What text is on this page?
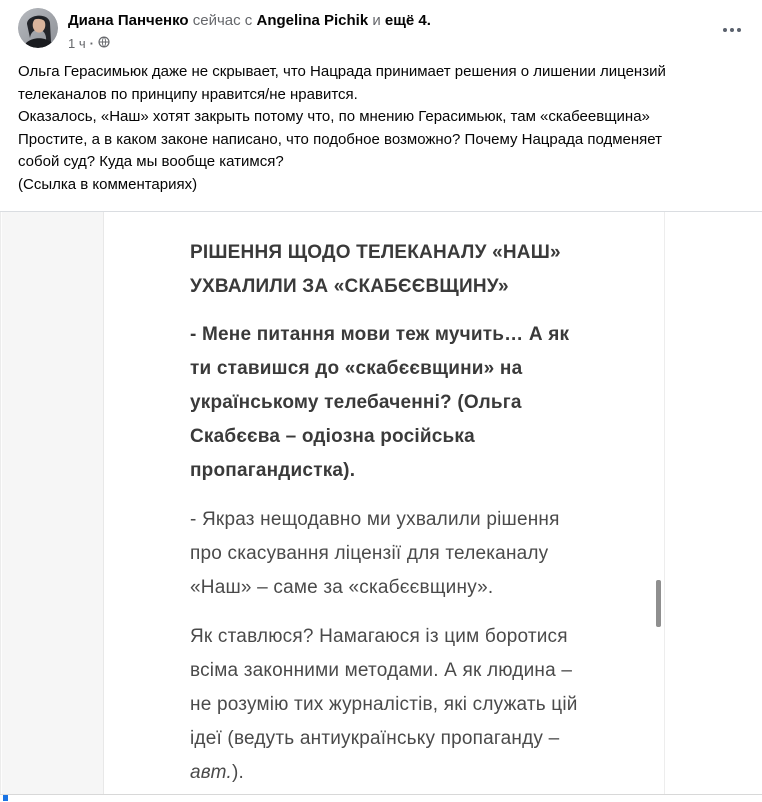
Диана Панченко сейчас с Angelina Pichik и ещё 4.
1 ч ·
Ольга Герасимьюк даже не скрывает, что Нацрада принимает решения о лишении лицензий
телеканалов по принципу нравится/не нравится.
Оказалось, «Наш» хотят закрыть потому что, по мнению Герасимьюк, там «скабеевщина»
Простите, а в каком законе написано, что подобное возможно? Почему Нацрада подменяет
собой суд? Куда мы вообще катимся?
(Ссылка в комментариях)
РІШЕННЯ ЩОДО ТЕЛЕКАНАЛУ «НАШ»
УХВАЛИЛИ ЗА «СКАБЄЄВЩИНУ»
- Мене питання мови теж мучить… А як
ти ставишся до «скабєєвщини» на
українському телебаченні? (Ольга
Скабєєва – одіозна російська
пропагандистка).
- Якраз нещодавно ми ухвалили рішення
про скасування ліцензії для телеканалу
«Наш» – саме за «скабєєвщину».
Як ставлюся? Намагаюся із цим боротися
всіма законними методами. А як людина –
не розумію тих журналістів, які служать цій
ідеї (ведуть антиукраїнську пропаганду –
авт.).
